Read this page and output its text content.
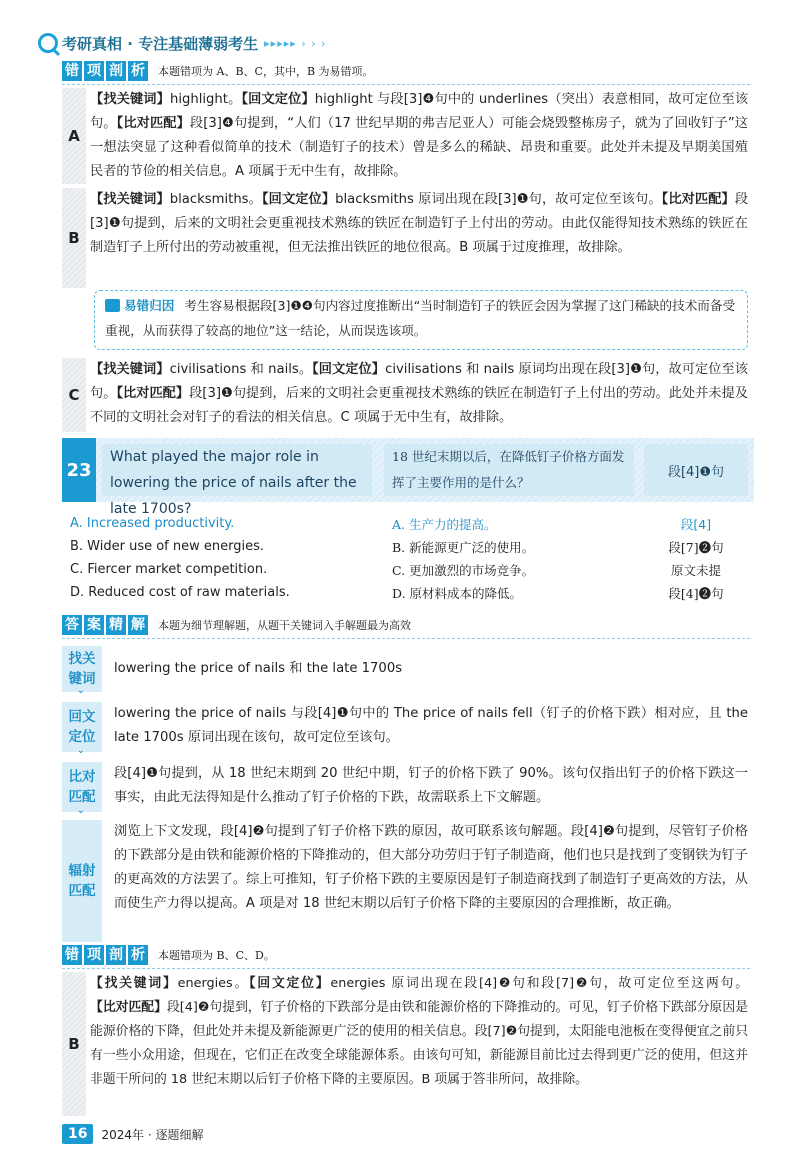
考研真相 · 专注基础薄弱考生 ▸▸▸▸▸ › › ›
错 项 剖 析 本题错项为 A、B、C，其中，B 为易错项。
A
【找关键词】highlight。【回文定位】highlight 与段[3]❹句中的 underlines（突出）表意相同，故可定位至该句。【比对匹配】段[3]❹句提到，“人们（17 世纪早期的弗吉尼亚人）可能会烧毁整栋房子，就为了回收钉子”这一想法突显了这种看似简单的技术（制造钉子的技术）曾是多么的稀缺、昂贵和重要。此处并未提及早期美国殖民者的节俭的相关信息。A 项属于无中生有，故排除。
B
【找关键词】blacksmiths。【回文定位】blacksmiths 原词出现在段[3]❶句，故可定位至该句。【比对匹配】段[3]❶句提到，后来的文明社会更重视技术熟练的铁匠在制造钉子上付出的劳动。由此仅能得知技术熟练的铁匠在制造钉子上所付出的劳动被重视，但无法推出铁匠的地位很高。B 项属于过度推理，故排除。
易错归因 考生容易根据段[3]❶❹句内容过度推断出“当时制造钉子的铁匠会因为掌握了这门稀缺的技术而备受重视，从而获得了较高的地位”这一结论，从而误选该项。
C
【找关键词】civilisations 和 nails。【回文定位】civilisations 和 nails 原词均出现在段[3]❶句，故可定位至该句。【比对匹配】段[3]❶句提到，后来的文明社会更重视技术熟练的铁匠在制造钉子上付出的劳动。此处并未提及不同的文明社会对钉子的看法的相关信息。C 项属于无中生有，故排除。
23
What played the major role in lowering the price of nails after the late 1700s?
18 世纪末期以后，在降低钉子价格方面发挥了主要作用的是什么？
段[4]❶句
A. Increased productivity.	A. 生产力的提高。	段[4]
B. Wider use of new energies.	B. 新能源更广泛的使用。	段[7]❷句
C. Fiercer market competition.	C. 更加激烈的市场竞争。	原文未提
D. Reduced cost of raw materials.	D. 原材料成本的降低。	段[4]❷句
答 案 精 解 本题为细节理解题，从题干关键词入手解题最为高效
找关
键词
⌄
lowering the price of nails 和 the late 1700s
回文
定位
⌄
lowering the price of nails 与段[4]❶句中的 The price of nails fell（钉子的价格下跌）相对应，且 the late 1700s 原词出现在该句，故可定位至该句。
比对
匹配
⌄
段[4]❶句提到，从 18 世纪末期到 20 世纪中期，钉子的价格下跌了 90%。该句仅指出钉子的价格下跌这一事实，由此无法得知是什么推动了钉子价格的下跌，故需联系上下文解题。
辐射
匹配
浏览上下文发现，段[4]❷句提到了钉子价格下跌的原因，故可联系该句解题。段[4]❷句提到，尽管钉子价格的下跌部分是由铁和能源价格的下降推动的，但大部分功劳归于钉子制造商，他们也只是找到了变钢铁为钉子的更高效的方法罢了。综上可推知，钉子价格下跌的主要原因是钉子制造商找到了制造钉子更高效的方法，从而使生产力得以提高。A 项是对 18 世纪末期以后钉子价格下降的主要原因的合理推断，故正确。
错 项 剖 析 本题错项为 B、C、D。
B
【找关键词】energies。【回文定位】energies 原词出现在段[4]❷句和段[7]❷句，故可定位至这两句。【比对匹配】段[4]❷句提到，钉子价格的下跌部分是由铁和能源价格的下降推动的。可见，钉子价格下跌部分原因是能源价格的下降，但此处并未提及新能源更广泛的使用的相关信息。段[7]❷句提到，太阳能电池板在变得便宜之前只有一些小众用途，但现在，它们正在改变全球能源体系。由该句可知，新能源目前比过去得到更广泛的使用，但这并非题干所问的 18 世纪末期以后钉子价格下降的主要原因。B 项属于答非所问，故排除。
16	2024年 · 逐题细解
